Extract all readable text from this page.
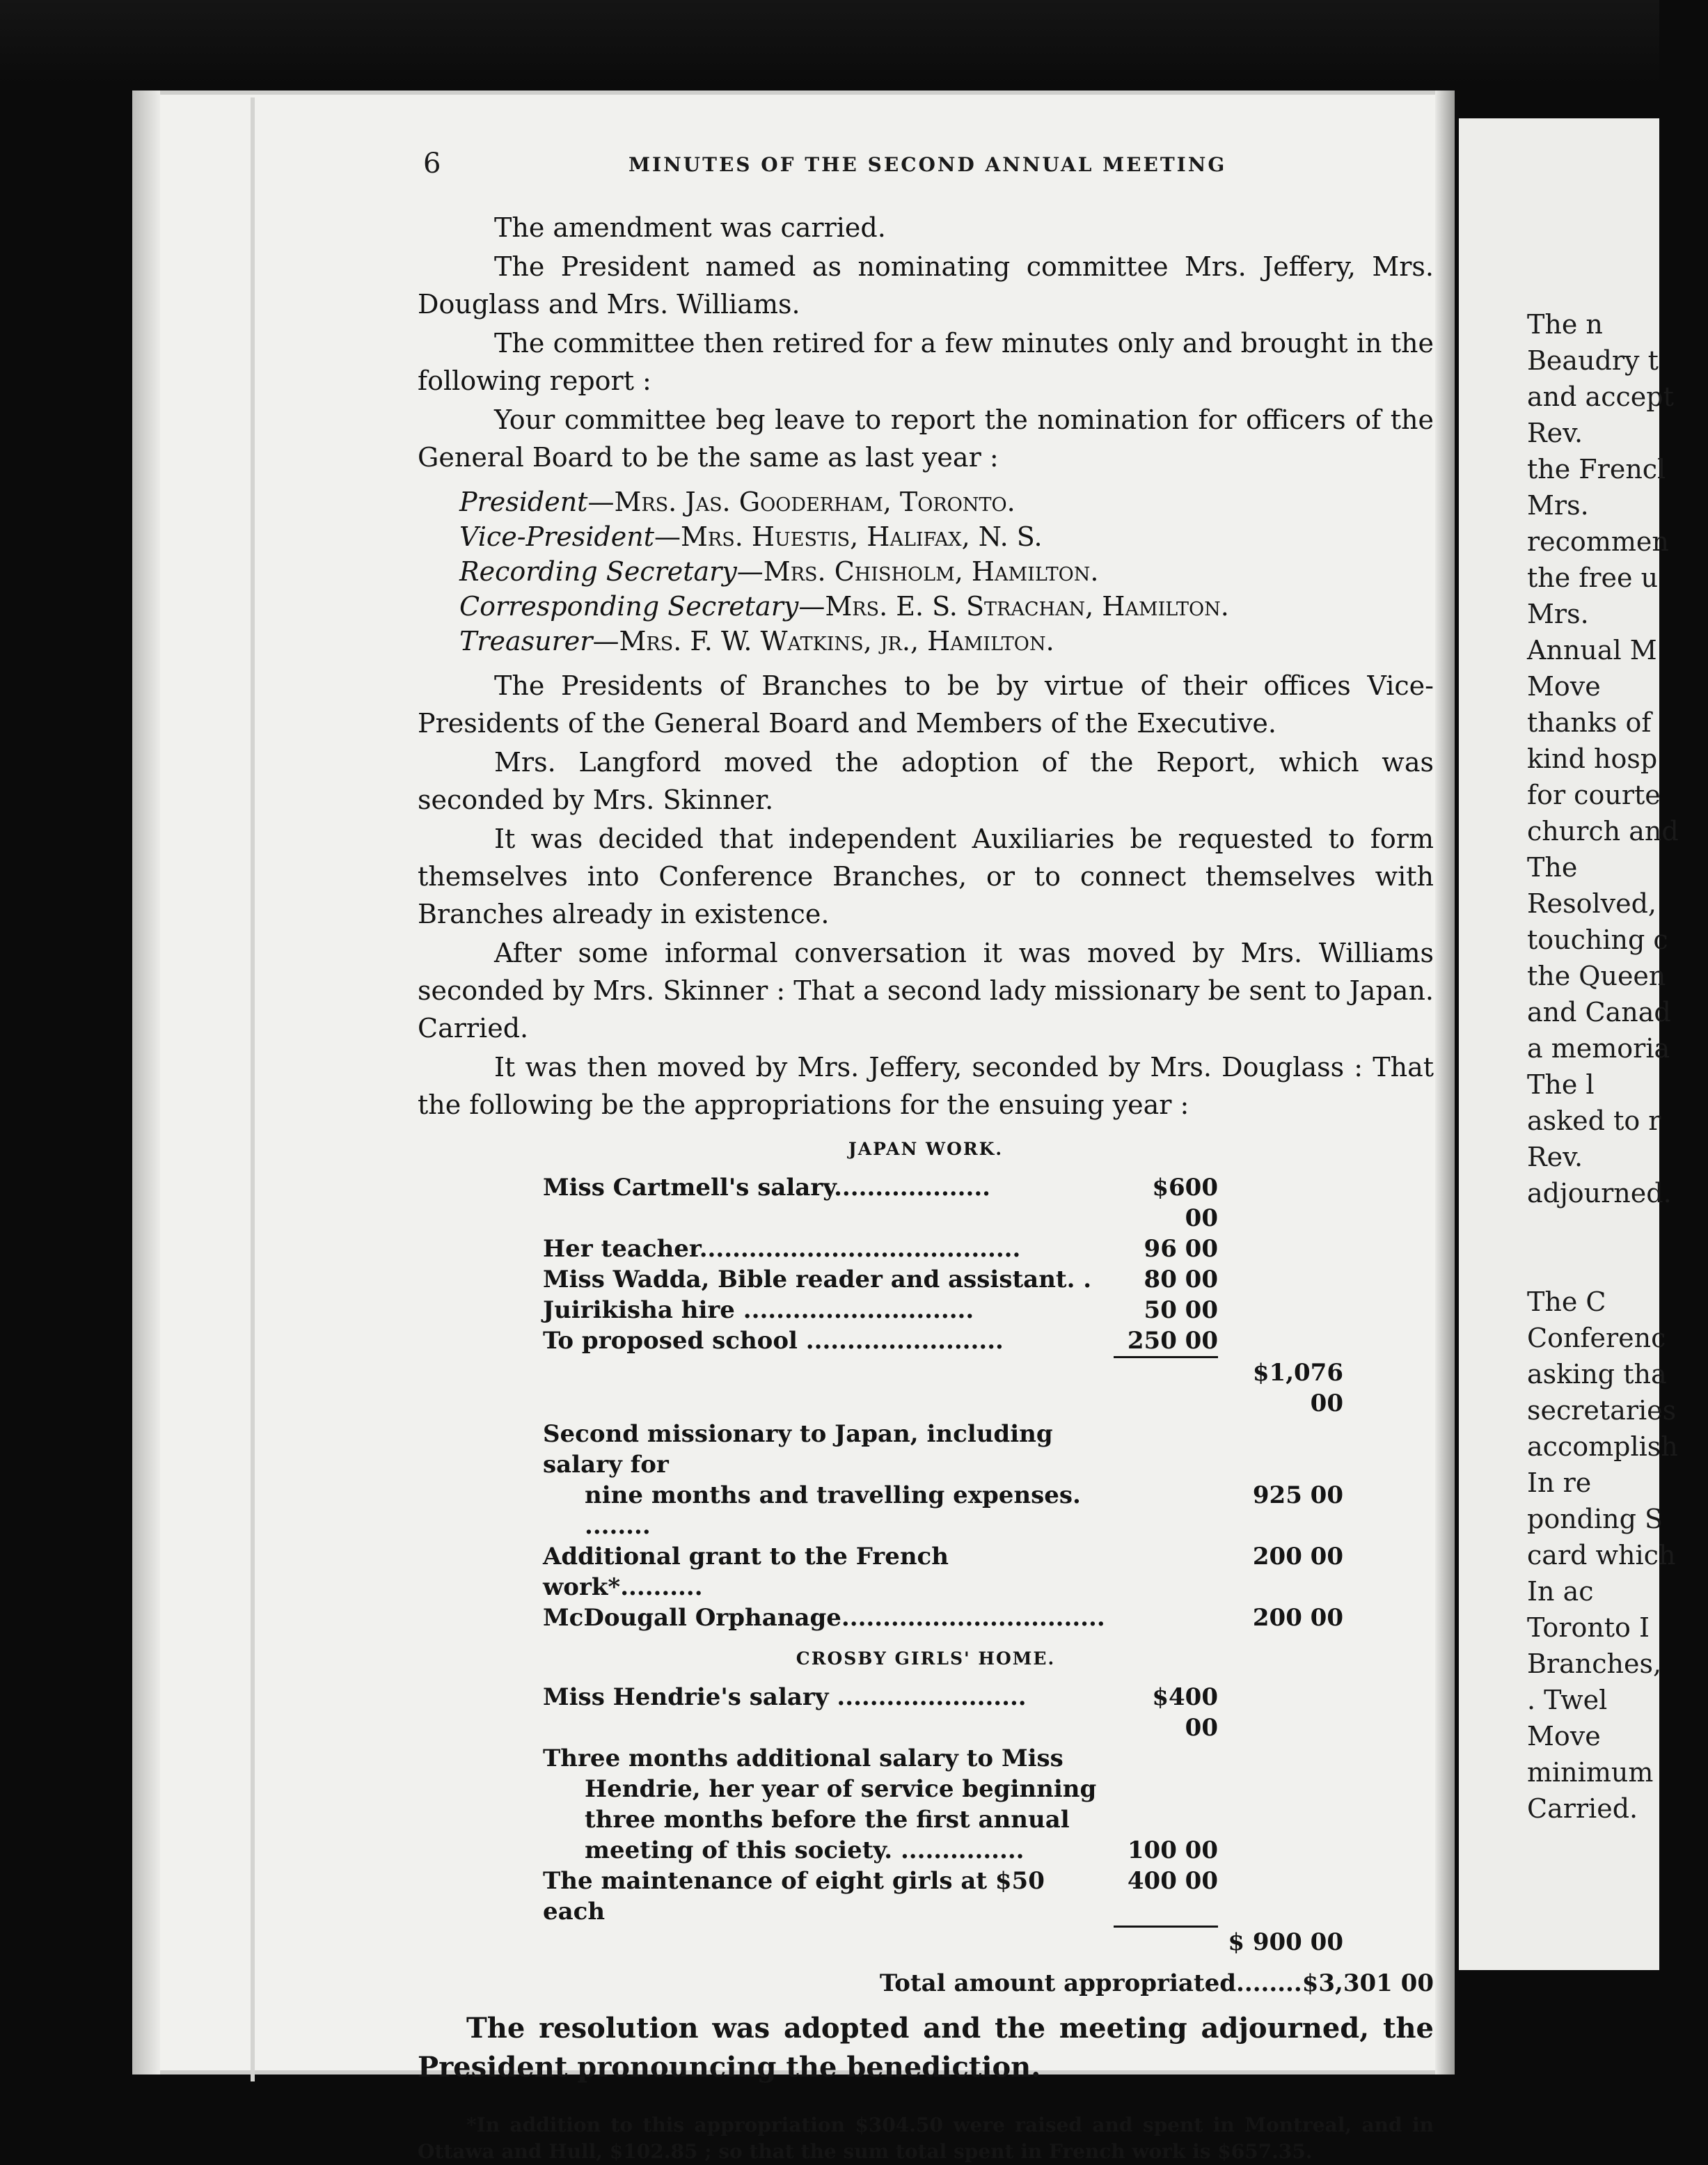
The n
Beaudry t
and accept
Rev.
the Frencl
Mrs.
recommen
the free u
Mrs.
Annual M
Move
thanks of
kind hosp
for courte
church and
The
Resolved,
touching c
the Queen
and Canad
a memoria
The l
asked to r
Rev.
adjourned.

The C
Conferenc
asking tha
secretaries
accomplish
In re
ponding S
card which
In ac
Toronto I
Branches,
. Twel
Move
minimum
Carried.
6	MINUTES OF THE SECOND ANNUAL MEETING

The amendment was carried.

The President named as nominating committee Mrs. Jeffery, Mrs. Douglass and Mrs. Williams.

The committee then retired for a few minutes only and brought in the following report :

Your committee beg leave to report the nomination for officers of the General Board to be the same as last year :

President—Mrs. Jas. Gooderham, Toronto.
Vice-President—Mrs. Huestis, Halifax, N. S.
Recording Secretary—Mrs. Chisholm, Hamilton.
Corresponding Secretary—Mrs. E. S. Strachan, Hamilton.
Treasurer—Mrs. F. W. Watkins, jr., Hamilton.

The Presidents of Branches to be by virtue of their offices Vice-Presidents of the General Board and Members of the Executive.

Mrs. Langford moved the adoption of the Report, which was seconded by Mrs. Skinner.

It was decided that independent Auxiliaries be requested to form themselves into Conference Branches, or to connect themselves with Branches already in existence.

After some informal conversation it was moved by Mrs. Williams seconded by Mrs. Skinner : That a second lady missionary be sent to Japan. Carried.

It was then moved by Mrs. Jeffery, seconded by Mrs. Douglass : That the following be the appropriations for the ensuing year :

JAPAN WORK.
Miss Cartmell's salary...................	$600 00	
Her teacher.......................................	96 00	
Miss Wadda, Bible reader and assistant. .	80 00	
Juirikisha hire ............................	50 00	
To proposed school ........................	250 00	
		$1,076 00
Second missionary to Japan, including salary for		
nine months and travelling expenses. ........		925 00
Additional grant to the French work*..........		200 00
McDougall Orphanage................................		200 00
CROSBY GIRLS' HOME.
Miss Hendrie's salary .......................	$400 00	
Three months additional salary to Miss		
Hendrie, her year of service beginning		
three months before the first annual		
meeting of this society. ...............	100 00	
The maintenance of eight girls at $50 each	400 00	
		$ 900 00
Total amount appropriated........$3,301 00
The resolution was adopted and the meeting adjourned, the President pronouncing the benediction.
*In addition to this appropriation $304.50 were raised and spent in Montreal, and in Ottawa and Hull, $102.85 ; so that the sum total spent in French work is $657.35.
